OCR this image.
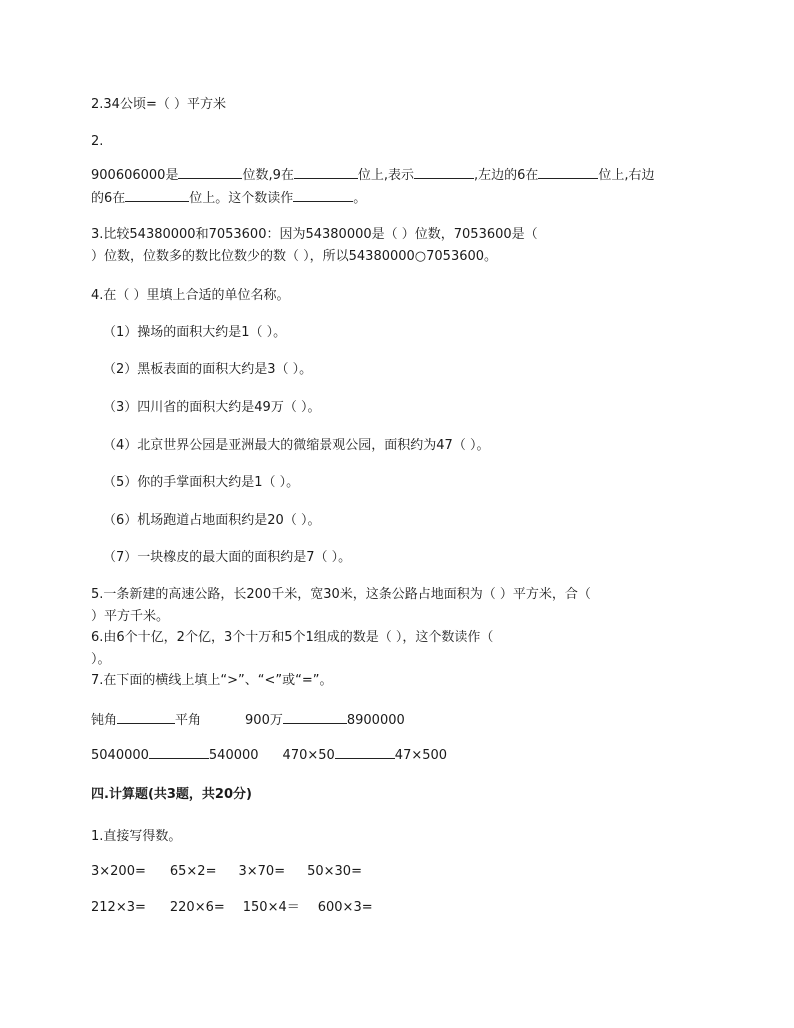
2.34公顷=（ ）平方米
2.
900606000是	位数,9在	位上,表示	,左边的6在	位上,右边
的6在	位上。这个数读作	。
3.比较54380000和7053600：因为54380000是（ ）位数，7053600是（
）位数，位数多的数比位数少的数（ ），所以54380000○7053600。
4.在（ ）里填上合适的单位名称。
（1）操场的面积大约是1（ ）。
（2）黑板表面的面积大约是3（ ）。
（3）四川省的面积大约是49万（ ）。
（4）北京世界公园是亚洲最大的微缩景观公园，面积约为47（ ）。
（5）你的手掌面积大约是1（ ）。
（6）机场跑道占地面积约是20（ ）。
（7）一块橡皮的最大面的面积约是7（ ）。
5.一条新建的高速公路，长200千米，宽30米，这条公路占地面积为（ ）平方米，合（
）平方千米。
6.由6个十亿，2个亿，3个十万和5个1组成的数是（ ），这个数读作（
）。
7.在下面的横线上填上“>”、“<”或“=”。
钝角	平角	900万	8900000
5040000	540000 470×50	47×500
四.计算题(共3题，共20分)
1.直接写得数。
3×200= 65×2= 3×70= 50×30=
212×3= 220×6= 150×4＝ 600×3=
